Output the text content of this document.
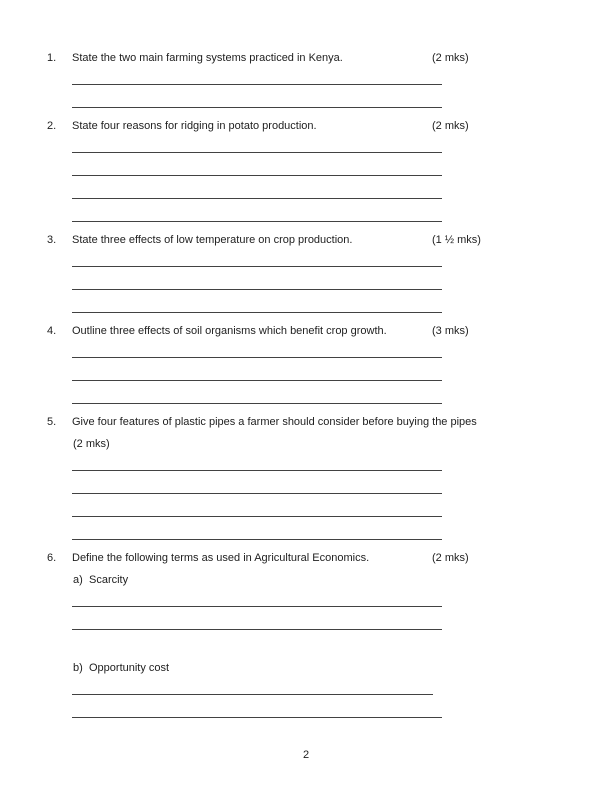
1. State the two main farming systems practiced in Kenya.	(2 mks)
2. State four reasons for ridging in potato production.	(2 mks)
3. State three effects of low temperature on crop production.	(1 ½ mks)
4. Outline three effects of soil organisms which benefit crop growth.	(3 mks)
5. Give four features of plastic pipes a farmer should consider before buying the pipes
(2 mks)
6. Define the following terms as used in Agricultural Economics.	(2 mks)
a) Scarcity
b) Opportunity cost
2
